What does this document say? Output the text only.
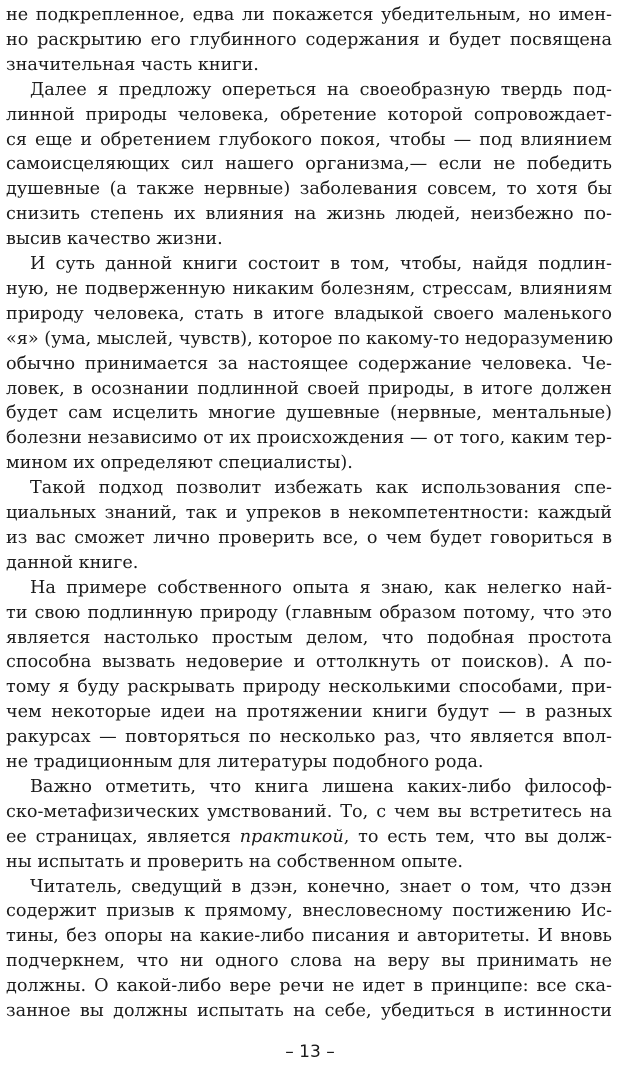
не подкрепленное, едва ли покажется убедительным, но имен-
но раскрытию его глубинного содержания и будет посвящена
значительная часть книги.
Далее я предложу опереться на своеобразную твердь под-
линной природы человека, обретение которой сопровождает-
ся еще и обретением глубокого покоя, чтобы — под влиянием
самоисцеляющих сил нашего организма,— если не победить
душевные (а также нервные) заболевания совсем, то хотя бы
снизить степень их влияния на жизнь людей, неизбежно по-
высив качество жизни.
И суть данной книги состоит в том, чтобы, найдя подлин-
ную, не подверженную никаким болезням, стрессам, влияниям
природу человека, стать в итоге владыкой своего маленького
«я» (ума, мыслей, чувств), которое по какому-то недоразумению
обычно принимается за настоящее содержание человека. Че-
ловек, в осознании подлинной своей природы, в итоге должен
будет сам исцелить многие душевные (нервные, ментальные)
болезни независимо от их происхождения — от того, каким тер-
мином их определяют специалисты).
Такой подход позволит избежать как использования спе-
циальных знаний, так и упреков в некомпетентности: каждый
из вас сможет лично проверить все, о чем будет говориться в
данной книге.
На примере собственного опыта я знаю, как нелегко най-
ти свою подлинную природу (главным образом потому, что это
является настолько простым делом, что подобная простота
способна вызвать недоверие и оттолкнуть от поисков). А по-
тому я буду раскрывать природу несколькими способами, при-
чем некоторые идеи на протяжении книги будут — в разных
ракурсах — повторяться по несколько раз, что является впол-
не традиционным для литературы подобного рода.
Важно отметить, что книга лишена каких-либо философ-
ско-метафизических умствований. То, с чем вы встретитесь на
ее страницах, является практикой, то есть тем, что вы долж-
ны испытать и проверить на собственном опыте.
Читатель, сведущий в дзэн, конечно, знает о том, что дзэн
содержит призыв к прямому, внесловесному постижению Ис-
тины, без опоры на какие-либо писания и авторитеты. И вновь
подчеркнем, что ни одного слова на веру вы принимать не
– 13 –
должны. О какой-либо вере речи не идет в принципе: все ска-
занное вы должны испытать на себе, убедиться в истинности
